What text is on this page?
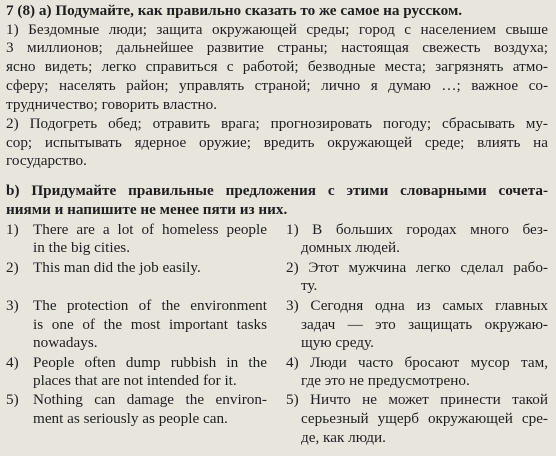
7 (8) a) Подумайте, как правильно сказать то же самое на русском.
1) Бездомные люди; защита окружающей среды; город с населением свыше
3 миллионов; дальнейшее развитие страны; настоящая свежесть воздуха;
ясно видеть; легко справиться с работой; безводные места; загрязнять атмо-
сферу; населять район; управлять страной; лично я думаю …; важное со-
трудничество; говорить властно.
2) Подогреть обед; отравить врага; прогнозировать погоду; сбрасывать му-
сор; испытывать ядерное оружие; вредить окружающей среде; влиять на
государство.
b) Придумайте правильные предложения с этими словарными сочета-
ниями и напишите не менее пяти из них.
1) There are a lot of homeless people
in the big cities.
1) В больших городах много без-
домных людей.
2) This man did the job easily.	2) Этот мужчина легко сделал рабо-
ту.
3) The protection of the environment
is one of the most important tasks
nowadays.
3) Сегодня одна из самых главных
задач — это защищать окружаю-
щую среду.
4) People often dump rubbish in the
places that are not intended for it.
4) Люди часто бросают мусор там,
где это не предусмотрено.
5) Nothing can damage the environ-
ment as seriously as people can.
5) Ничто не может принести такой
серьезный ущерб окружающей сре-
де, как люди.
